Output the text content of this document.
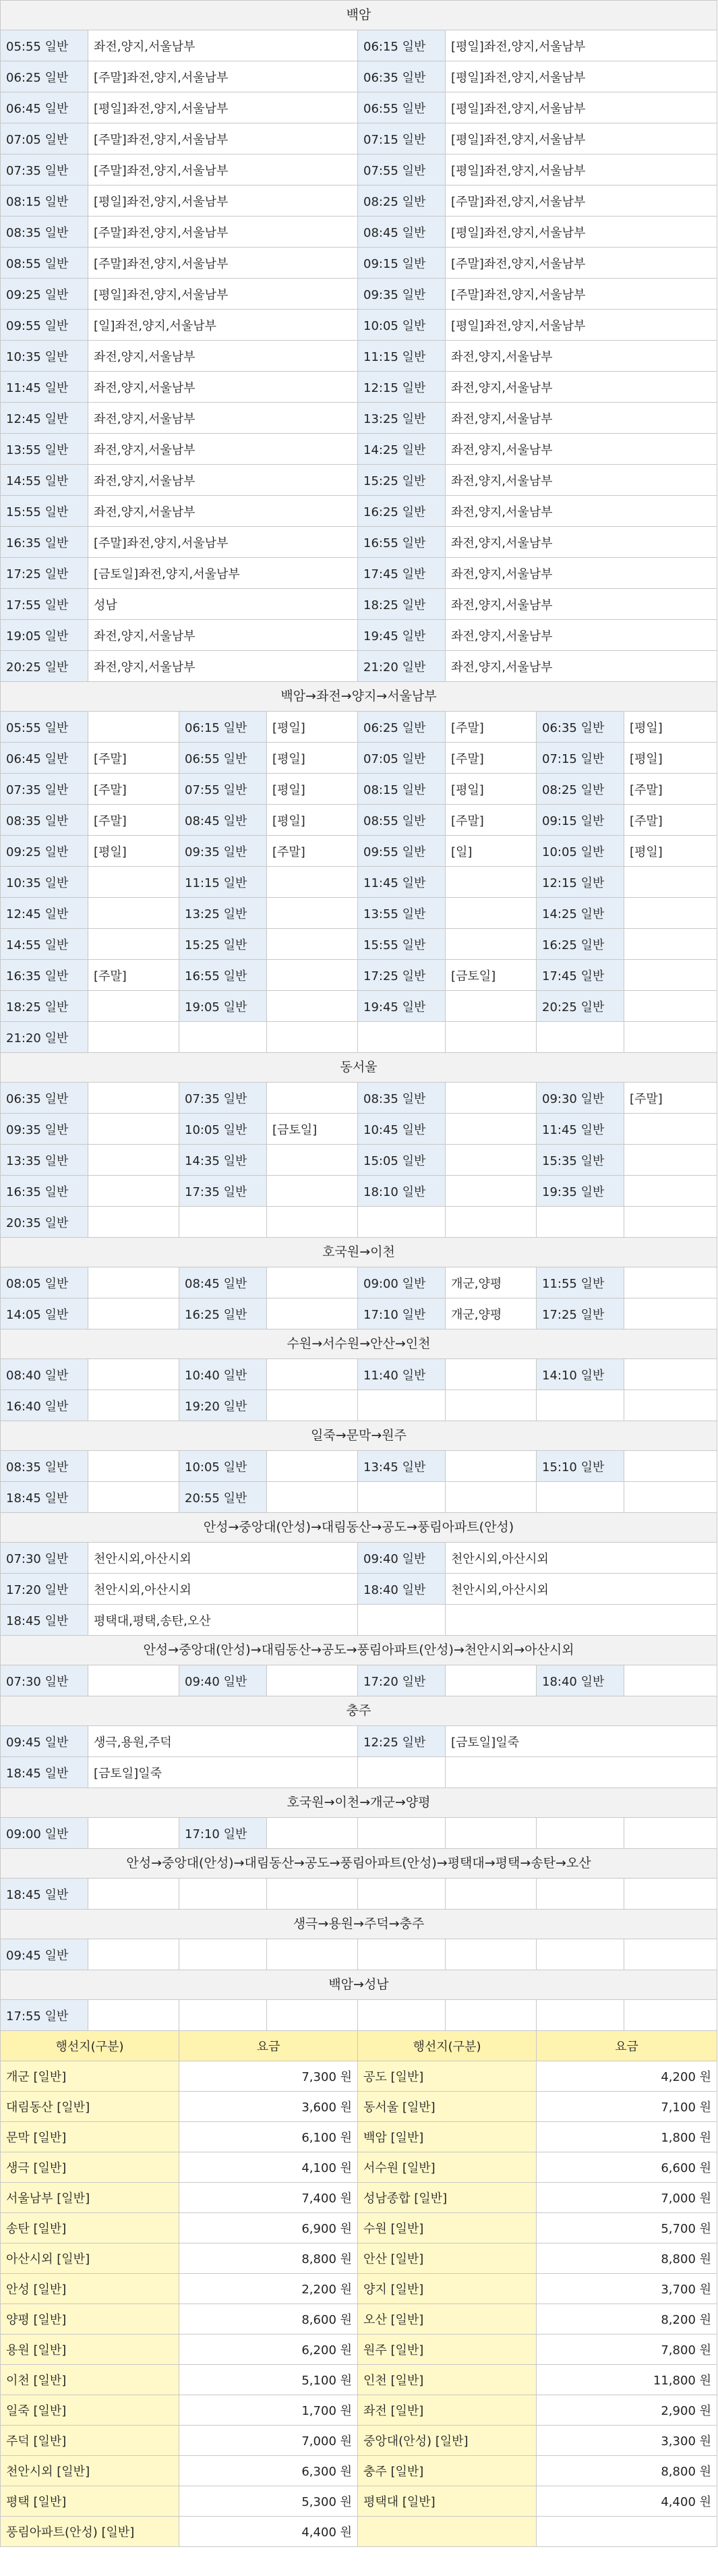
백암
05:55 일반	좌전,양지,서울남부	06:15 일반	[평일]좌전,양지,서울남부
06:25 일반	[주말]좌전,양지,서울남부	06:35 일반	[평일]좌전,양지,서울남부
06:45 일반	[평일]좌전,양지,서울남부	06:55 일반	[평일]좌전,양지,서울남부
07:05 일반	[주말]좌전,양지,서울남부	07:15 일반	[평일]좌전,양지,서울남부
07:35 일반	[주말]좌전,양지,서울남부	07:55 일반	[평일]좌전,양지,서울남부
08:15 일반	[평일]좌전,양지,서울남부	08:25 일반	[주말]좌전,양지,서울남부
08:35 일반	[주말]좌전,양지,서울남부	08:45 일반	[평일]좌전,양지,서울남부
08:55 일반	[주말]좌전,양지,서울남부	09:15 일반	[주말]좌전,양지,서울남부
09:25 일반	[평일]좌전,양지,서울남부	09:35 일반	[주말]좌전,양지,서울남부
09:55 일반	[일]좌전,양지,서울남부	10:05 일반	[평일]좌전,양지,서울남부
10:35 일반	좌전,양지,서울남부	11:15 일반	좌전,양지,서울남부
11:45 일반	좌전,양지,서울남부	12:15 일반	좌전,양지,서울남부
12:45 일반	좌전,양지,서울남부	13:25 일반	좌전,양지,서울남부
13:55 일반	좌전,양지,서울남부	14:25 일반	좌전,양지,서울남부
14:55 일반	좌전,양지,서울남부	15:25 일반	좌전,양지,서울남부
15:55 일반	좌전,양지,서울남부	16:25 일반	좌전,양지,서울남부
16:35 일반	[주말]좌전,양지,서울남부	16:55 일반	좌전,양지,서울남부
17:25 일반	[금토일]좌전,양지,서울남부	17:45 일반	좌전,양지,서울남부
17:55 일반	성남	18:25 일반	좌전,양지,서울남부
19:05 일반	좌전,양지,서울남부	19:45 일반	좌전,양지,서울남부
20:25 일반	좌전,양지,서울남부	21:20 일반	좌전,양지,서울남부
백암→좌전→양지→서울남부
05:55 일반	06:15 일반	[평일]	06:25 일반	[주말]	06:35 일반	[평일]
06:45 일반	[주말]	06:55 일반	[평일]	07:05 일반	[주말]	07:15 일반	[평일]
07:35 일반	[주말]	07:55 일반	[평일]	08:15 일반	[평일]	08:25 일반	[주말]
08:35 일반	[주말]	08:45 일반	[평일]	08:55 일반	[주말]	09:15 일반	[주말]
09:25 일반	[평일]	09:35 일반	[주말]	09:55 일반	[일]	10:05 일반	[평일]
10:35 일반	11:15 일반	11:45 일반	12:15 일반
12:45 일반	13:25 일반	13:55 일반	14:25 일반
14:55 일반	15:25 일반	15:55 일반	16:25 일반
16:35 일반	[주말]	16:55 일반	17:25 일반	[금토일]	17:45 일반
18:25 일반	19:05 일반	19:45 일반	20:25 일반
21:20 일반
동서울
06:35 일반	07:35 일반	08:35 일반	09:30 일반	[주말]
09:35 일반	10:05 일반	[금토일]	10:45 일반	11:45 일반
13:35 일반	14:35 일반	15:05 일반	15:35 일반
16:35 일반	17:35 일반	18:10 일반	19:35 일반
20:35 일반
호국원→이천
08:05 일반	08:45 일반	09:00 일반	개군,양평	11:55 일반
14:05 일반	16:25 일반	17:10 일반	개군,양평	17:25 일반
수원→서수원→안산→인천
08:40 일반	10:40 일반	11:40 일반	14:10 일반
16:40 일반	19:20 일반
일죽→문막→원주
08:35 일반	10:05 일반	13:45 일반	15:10 일반
18:45 일반	20:55 일반
안성→중앙대(안성)→대림동산→공도→풍림아파트(안성)
07:30 일반	천안시외,아산시외	09:40 일반	천안시외,아산시외
17:20 일반	천안시외,아산시외	18:40 일반	천안시외,아산시외
18:45 일반	평택대,평택,송탄,오산
안성→중앙대(안성)→대림동산→공도→풍림아파트(안성)→천안시외→아산시외
07:30 일반	09:40 일반	17:20 일반	18:40 일반
충주
09:45 일반	생극,용원,주덕	12:25 일반	[금토일]일죽
18:45 일반	[금토일]일죽
호국원→이천→개군→양평
09:00 일반	17:10 일반
안성→중앙대(안성)→대림동산→공도→풍림아파트(안성)→평택대→평택→송탄→오산
18:45 일반
생극→용원→주덕→충주
09:45 일반
백암→성남
17:55 일반
행선지(구분)	요금	행선지(구분)	요금
개군 [일반]	7,300 원 공도 [일반]	4,200 원
대림동산 [일반]	3,600 원 동서울 [일반]	7,100 원
문막 [일반]	6,100 원 백암 [일반]	1,800 원
생극 [일반]	4,100 원 서수원 [일반]	6,600 원
서울남부 [일반]	7,400 원 성남종합 [일반]	7,000 원
송탄 [일반]	6,900 원 수원 [일반]	5,700 원
아산시외 [일반]	8,800 원 안산 [일반]	8,800 원
안성 [일반]	2,200 원 양지 [일반]	3,700 원
양평 [일반]	8,600 원 오산 [일반]	8,200 원
용원 [일반]	6,200 원 원주 [일반]	7,800 원
이천 [일반]	5,100 원 인천 [일반]	11,800 원
일죽 [일반]	1,700 원 좌전 [일반]	2,900 원
주덕 [일반]	7,000 원 중앙대(안성) [일반]	3,300 원
천안시외 [일반]	6,300 원 충주 [일반]	8,800 원
평택 [일반]	5,300 원 평택대 [일반]	4,400 원
풍림아파트(안성) [일반]	4,400 원
